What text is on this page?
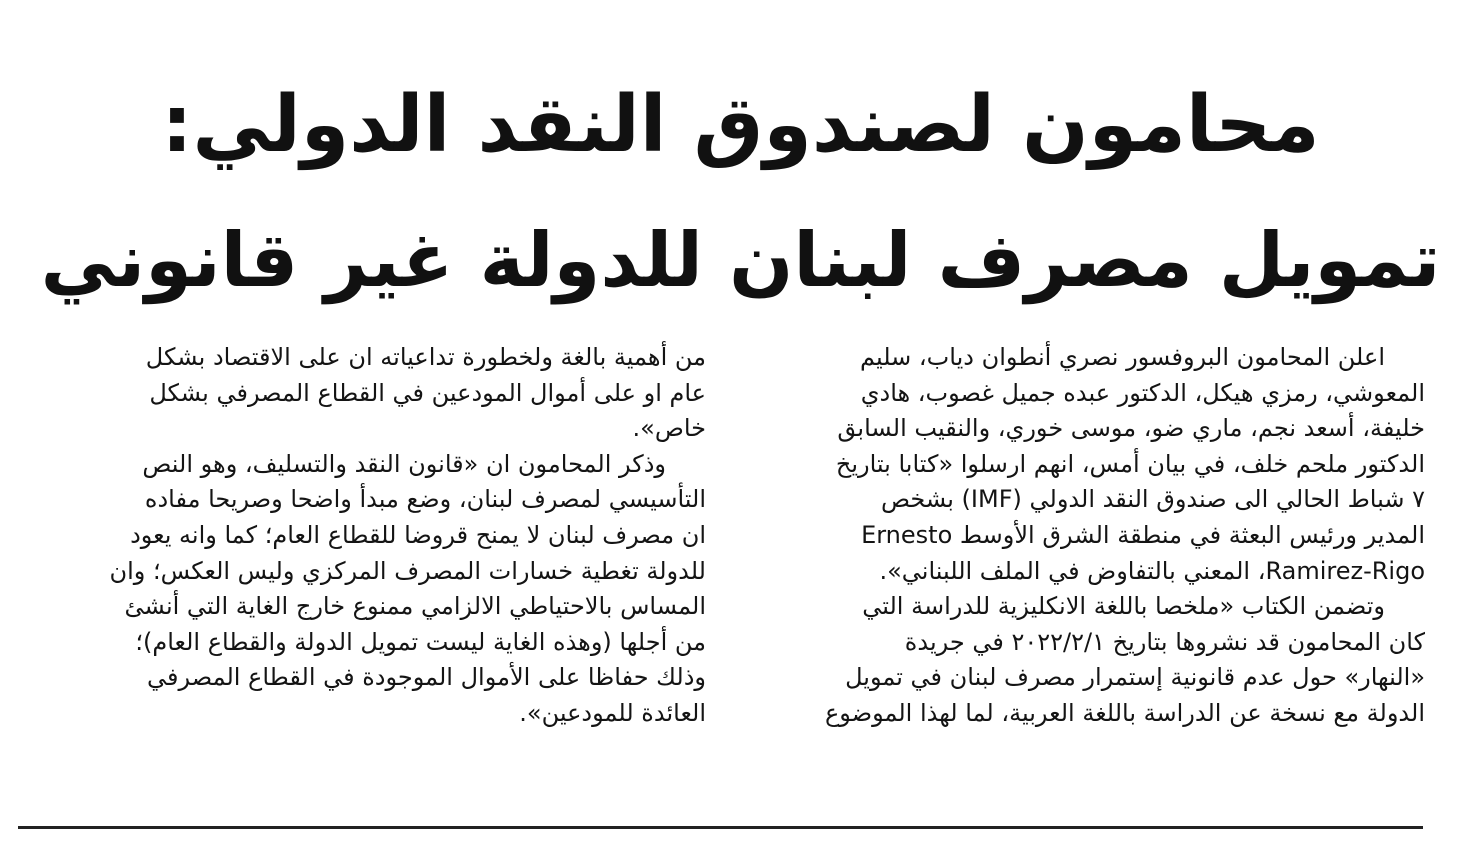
محامون لصندوق النقد الدولي:
تمويل مصرف لبنان للدولة غير قانوني
اعلن المحامون البروفسور نصري أنطوان دياب، سليم
المعوشي، رمزي هيكل، الدكتور عبده جميل غصوب، هادي
خليفة، أسعد نجم، ماري ضو، موسى خوري، والنقيب السابق
الدكتور ملحم خلف، في بيان أمس، انهم ارسلوا «كتابا بتاريخ
٧ شباط الحالي الى صندوق النقد الدولي (IMF) بشخص
المدير ورئيس البعثة في منطقة الشرق الأوسط Ernesto
Ramirez-Rigo، المعني بالتفاوض في الملف اللبناني».
وتضمن الكتاب «ملخصا باللغة الانكليزية للدراسة التي
كان المحامون قد نشروها بتاريخ ٢٠٢٢/٢/١ في جريدة
«النهار» حول عدم قانونية إستمرار مصرف لبنان في تمويل
الدولة مع نسخة عن الدراسة باللغة العربية، لما لهذا الموضوع
من أهمية بالغة ولخطورة تداعياته ان على الاقتصاد بشكل
عام او على أموال المودعين في القطاع المصرفي بشكل
خاص».
وذكر المحامون ان «قانون النقد والتسليف، وهو النص
التأسيسي لمصرف لبنان، وضع مبدأ واضحا وصريحا مفاده
ان مصرف لبنان لا يمنح قروضا للقطاع العام؛ كما وانه يعود
للدولة تغطية خسارات المصرف المركزي وليس العكس؛ وان
المساس بالاحتياطي الالزامي ممنوع خارج الغاية التي أنشئ
من أجلها (وهذه الغاية ليست تمويل الدولة والقطاع العام)؛
وذلك حفاظا على الأموال الموجودة في القطاع المصرفي
العائدة للمودعين».
